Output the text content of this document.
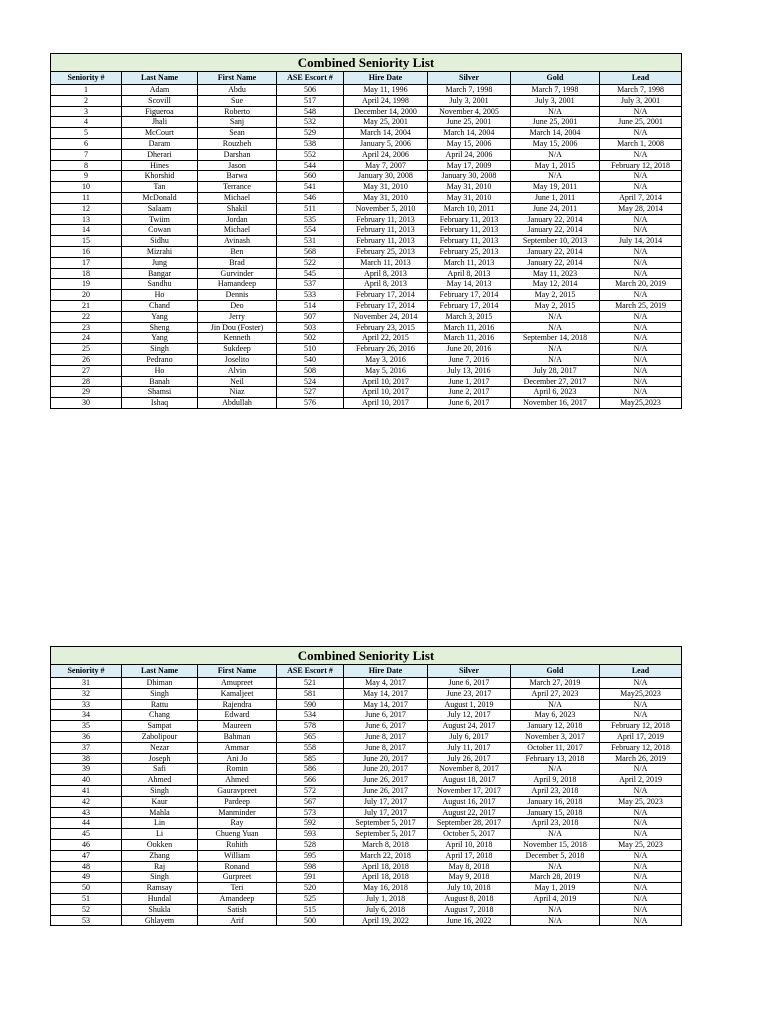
Combined Seniority List							
Seniority #	Last Name	First Name	ASE Escort #	Hire Date	Silver	Gold	Lead
1	Adam	Abdu	506	May 11, 1996	March 7, 1998	March 7, 1998	March 7, 1998
2	Scovill	Sue	517	April 24, 1998	July 3, 2001	July 3, 2001	July 3, 2001
3	Figueroa	Roberto	548	December 14, 2000	November 4, 2005	N/A	N/A
4	Jhali	Sanj	532	May 25, 2001	June 25, 2001	June 25, 2001	June 25, 2001
5	McCourt	Sean	529	March 14, 2004	March 14, 2004	March 14, 2004	N/A
6	Daram	Rouzbeh	538	January 5, 2006	May 15, 2006	May 15, 2006	March 1, 2008
7	Dherari	Darshan	552	April 24, 2006	April 24, 2006	N/A	N/A
8	Hines	Jason	544	May 7, 2007	May 17, 2009	May 1, 2015	February 12, 2018
9	Khorshid	Barwa	560	January 30, 2008	January 30, 2008	N/A	N/A
10	Tan	Terrance	541	May 31, 2010	May 31, 2010	May 19, 2011	N/A
11	McDonald	Michael	546	May 31, 2010	May 31, 2010	June 1, 2011	April 7, 2014
12	Salaam	Shakil	511	November 5, 2010	March 10, 2011	June 24, 2011	May 28, 2014
13	Twiim	Jordan	535	February 11, 2013	February 11, 2013	January 22, 2014	N/A
14	Cowan	Michael	554	February 11, 2013	February 11, 2013	January 22, 2014	N/A
15	Sidhu	Avinash	531	February 11, 2013	February 11, 2013	September 10, 2013	July 14, 2014
16	Mizrahi	Ben	568	February 25, 2013	February 25, 2013	January 22, 2014	N/A
17	Jung	Brad	522	March 11, 2013	March 11, 2013	January 22, 2014	N/A
18	Bangar	Gurvinder	545	April 8, 2013	April 8, 2013	May 11, 2023	N/A
19	Sandhu	Hamandeep	537	April 8, 2013	May 14, 2013	May 12, 2014	March 20, 2019
20	Ho	Dennis	533	February 17, 2014	February 17, 2014	May 2, 2015	N/A
21	Chand	Deo	514	February 17, 2014	February 17, 2014	May 2, 2015	March 25, 2019
22	Yang	Jerry	507	November 24, 2014	March 3, 2015	N/A	N/A
23	Sheng	Jin Dou (Foster)	503	February 23, 2015	March 11, 2016	N/A	N/A
24	Yang	Kenneth	502	April 22, 2015	March 11, 2016	September 14, 2018	N/A
25	Singh	Sukdeep	510	February 26, 2016	June 20, 2016	N/A	N/A
26	Pedrano	Joselito	540	May 3, 2016	June 7, 2016	N/A	N/A
27	Ho	Alvin	508	May 5, 2016	July 13, 2016	July 28, 2017	N/A
28	Banah	Neil	524	April 10, 2017	June 1, 2017	December 27, 2017	N/A
29	Shamsi	Niaz	527	April 10, 2017	June 2, 2017	April 6, 2023	N/A
30	Ishaq	Abdullah	576	April 10, 2017	June 6, 2017	November 16, 2017	May25,2023
Combined Seniority List							
Seniority #	Last Name	First Name	ASE Escort #	Hire Date	Silver	Gold	Lead
31	Dhiman	Amupreet	521	May 4, 2017	June 6, 2017	March 27, 2019	N/A
32	Singh	Kamaljeet	581	May 14, 2017	June 23, 2017	April 27, 2023	May25,2023
33	Rattu	Rajendra	590	May 14, 2017	August 1, 2019	N/A	N/A
34	Chang	Edward	534	June 6, 2017	July 12, 2017	May 6, 2023	N/A
35	Sampat	Maureen	578	June 6, 2017	August 24, 2017	January 12, 2018	February 12, 2018
36	Zabolipour	Bahman	565	June 8, 2017	July 6, 2017	November 3, 2017	April 17, 2019
37	Nezar	Ammar	558	June 8, 2017	July 11, 2017	October 11, 2017	February 12, 2018
38	Joseph	Ani Jo	585	June 20, 2017	July 26, 2017	February 13, 2018	March 26, 2019
39	Safi	Romin	586	June 20, 2017	November 8, 2017	N/A	N/A
40	Ahmed	Ahmed	566	June 26, 2017	August 18, 2017	April 9, 2018	April 2, 2019
41	Singh	Gauravpreet	572	June 26, 2017	November 17, 2017	April 23, 2018	N/A
42	Kaur	Pardeep	567	July 17, 2017	August 16, 2017	January 16, 2018	May 25, 2023
43	Mahla	Manminder	573	July 17, 2017	August 22, 2017	January 15, 2018	N/A
44	Lin	Ray	592	September 5, 2017	September 28, 2017	April 23, 2018	N/A
45	Li	Chueng Yuan	593	September 5, 2017	October 5, 2017	N/A	N/A
46	Ookken	Rohith	528	March 8, 2018	April 10, 2018	November 15, 2018	May 25, 2023
47	Zhang	William	595	March 22, 2018	April 17, 2018	December 5, 2018	N/A
48	Raj	Ronand	598	April 18, 2018	May 8, 2018	N/A	N/A
49	Singh	Gurpreet	591	April 18, 2018	May 9, 2018	March 28, 2019	N/A
50	Ramsay	Teri	520	May 16, 2018	July 10, 2018	May 1, 2019	N/A
51	Hundal	Amandeep	525	July 1, 2018	August 8, 2018	April 4, 2019	N/A
52	Shukla	Satish	515	July 6, 2018	August 7, 2018	N/A	N/A
53	Ghlayem	Arif	500	April 19, 2022	June 16, 2022	N/A	N/A
